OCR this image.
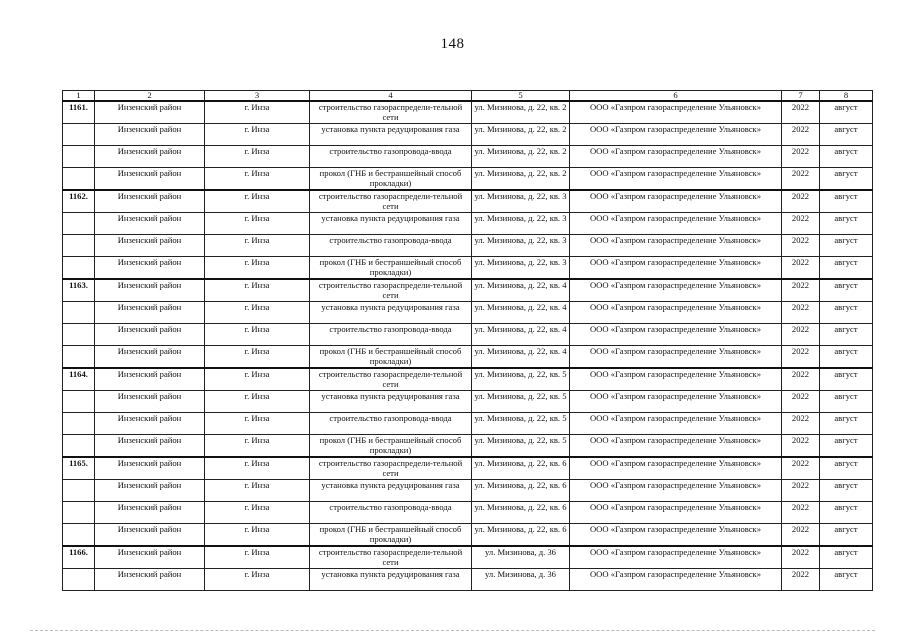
148
1	2	3	4	5	6	7	8
1161.	Инзенский район	г. Инза	строительство газораспредели-тельной сети	ул. Мизинова, д. 22, кв. 2	ООО «Газпром газораспределение Ульяновск»	2022	август
	Инзенский район	г. Инза	установка пункта редуцирования газа	ул. Мизинова, д. 22, кв. 2	ООО «Газпром газораспределение Ульяновск»	2022	август
	Инзенский район	г. Инза	строительство газопровода-ввода	ул. Мизинова, д. 22, кв. 2	ООО «Газпром газораспределение Ульяновск»	2022	август
	Инзенский район	г. Инза	прокол (ГНБ и бестраншейный способ прокладки)	ул. Мизинова, д. 22, кв. 2	ООО «Газпром газораспределение Ульяновск»	2022	август
1162.	Инзенский район	г. Инза	строительство газораспредели-тельной сети	ул. Мизинова, д. 22, кв. 3	ООО «Газпром газораспределение Ульяновск»	2022	август
	Инзенский район	г. Инза	установка пункта редуцирования газа	ул. Мизинова, д. 22, кв. 3	ООО «Газпром газораспределение Ульяновск»	2022	август
	Инзенский район	г. Инза	строительство газопровода-ввода	ул. Мизинова, д. 22, кв. 3	ООО «Газпром газораспределение Ульяновск»	2022	август
	Инзенский район	г. Инза	прокол (ГНБ и бестраншейный способ прокладки)	ул. Мизинова, д. 22, кв. 3	ООО «Газпром газораспределение Ульяновск»	2022	август
1163.	Инзенский район	г. Инза	строительство газораспредели-тельной сети	ул. Мизинова, д. 22, кв. 4	ООО «Газпром газораспределение Ульяновск»	2022	август
	Инзенский район	г. Инза	установка пункта редуцирования газа	ул. Мизинова, д. 22, кв. 4	ООО «Газпром газораспределение Ульяновск»	2022	август
	Инзенский район	г. Инза	строительство газопровода-ввода	ул. Мизинова, д. 22, кв. 4	ООО «Газпром газораспределение Ульяновск»	2022	август
	Инзенский район	г. Инза	прокол (ГНБ и бестраншейный способ прокладки)	ул. Мизинова, д. 22, кв. 4	ООО «Газпром газораспределение Ульяновск»	2022	август
1164.	Инзенский район	г. Инза	строительство газораспредели-тельной сети	ул. Мизинова, д. 22, кв. 5	ООО «Газпром газораспределение Ульяновск»	2022	август
	Инзенский район	г. Инза	установка пункта редуцирования газа	ул. Мизинова, д. 22, кв. 5	ООО «Газпром газораспределение Ульяновск»	2022	август
	Инзенский район	г. Инза	строительство газопровода-ввода	ул. Мизинова, д. 22, кв. 5	ООО «Газпром газораспределение Ульяновск»	2022	август
	Инзенский район	г. Инза	прокол (ГНБ и бестраншейный способ прокладки)	ул. Мизинова, д. 22, кв. 5	ООО «Газпром газораспределение Ульяновск»	2022	август
1165.	Инзенский район	г. Инза	строительство газораспредели-тельной сети	ул. Мизинова, д. 22, кв. 6	ООО «Газпром газораспределение Ульяновск»	2022	август
	Инзенский район	г. Инза	установка пункта редуцирования газа	ул. Мизинова, д. 22, кв. 6	ООО «Газпром газораспределение Ульяновск»	2022	август
	Инзенский район	г. Инза	строительство газопровода-ввода	ул. Мизинова, д. 22, кв. 6	ООО «Газпром газораспределение Ульяновск»	2022	август
	Инзенский район	г. Инза	прокол (ГНБ и бестраншейный способ прокладки)	ул. Мизинова, д. 22, кв. 6	ООО «Газпром газораспределение Ульяновск»	2022	август
1166.	Инзенский район	г. Инза	строительство газораспредели-тельной сети	ул. Мизинова, д. 36	ООО «Газпром газораспределение Ульяновск»	2022	август
	Инзенский район	г. Инза	установка пункта редуцирования газа	ул. Мизинова, д. 36	ООО «Газпром газораспределение Ульяновск»	2022	август
